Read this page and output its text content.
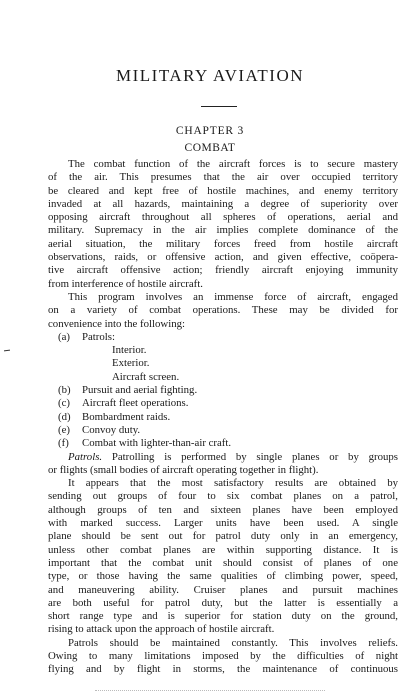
MILITARY AVIATION
CHAPTER 3
COMBAT
The combat function of the aircraft forces is to secure mastery
of the air. This presumes that the air over occupied territory
be cleared and kept free of hostile machines, and enemy territory
invaded at all hazards, maintaining a degree of superiority over
opposing aircraft throughout all spheres of operations, aerial and
military. Supremacy in the air implies complete dominance of the
aerial situation, the military forces freed from hostile aircraft
observations, raids, or offensive action, and given effective, coöpera-
tive aircraft offensive action; friendly aircraft enjoying immunity
from interference of hostile aircraft.
This program involves an immense force of aircraft, engaged
on a variety of combat operations. These may be divided for
convenience into the following:
(a) Patrols:
Interior.
Exterior.
Aircraft screen.
(b) Pursuit and aerial fighting.
(c) Aircraft fleet operations.
(d) Bombardment raids.
(e) Convoy duty.
(f) Combat with lighter-than-air craft.
Patrols. Patrolling is performed by single planes or by groups
or flights (small bodies of aircraft operating together in flight).
It appears that the most satisfactory results are obtained by
sending out groups of four to six combat planes on a patrol,
although groups of ten and sixteen planes have been employed
with marked success. Larger units have been used. A single
plane should be sent out for patrol duty only in an emergency,
unless other combat planes are within supporting distance. It is
important that the combat unit should consist of planes of one
type, or those having the same qualities of climbing power, speed,
and maneuvering ability. Cruiser planes and pursuit machines
are both useful for patrol duty, but the latter is essentially a
short range type and is superior for station duty on the ground,
rising to attack upon the approach of hostile aircraft.
Patrols should be maintained constantly. This involves reliefs.
Owing to many limitations imposed by the difficulties of night
flying and by flight in storms, the maintenance of continuous
